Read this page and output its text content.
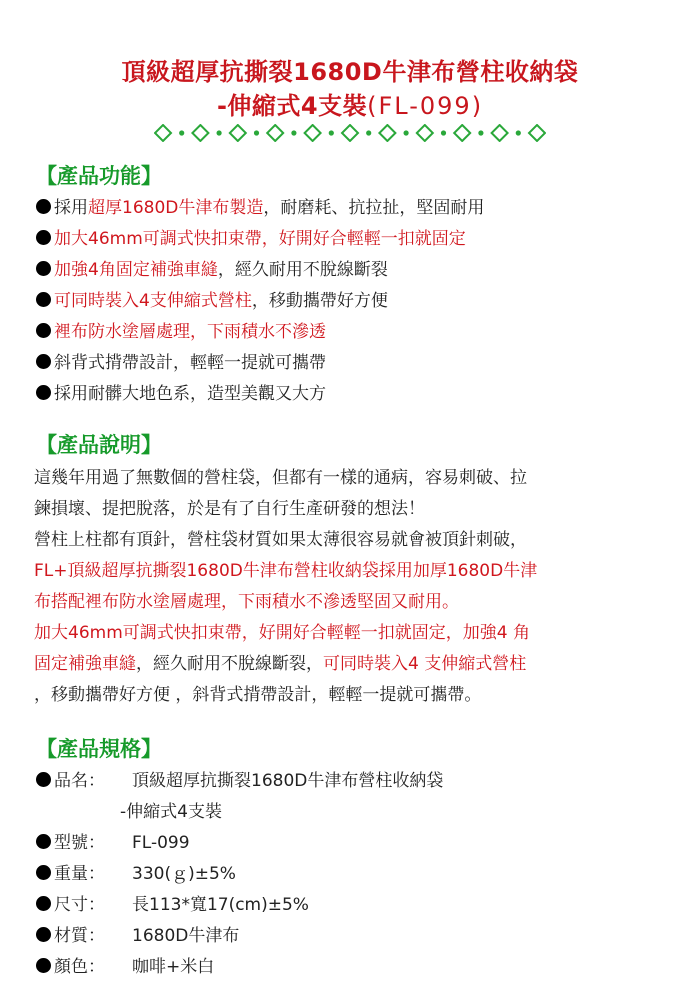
頂級超厚抗撕裂1680D牛津布營柱收納袋
-伸縮式4支裝(FL-099)
【產品功能】
採用超厚1680D牛津布製造，耐磨耗、抗拉扯，堅固耐用
加大46mm可調式快扣束帶，好開好合輕輕一扣就固定
加強4角固定補強車縫，經久耐用不脫線斷裂
可同時裝入4支伸縮式營柱，移動攜帶好方便
裡布防水塗層處理，下雨積水不滲透
斜背式揹帶設計，輕輕一提就可攜帶
採用耐髒大地色系，造型美觀又大方
【產品說明】
這幾年用過了無數個的營柱袋，但都有一樣的通病，容易刺破、拉
鍊損壞、提把脫落，於是有了自行生產研發的想法！
營柱上柱都有頂針，營柱袋材質如果太薄很容易就會被頂針刺破，
FL+頂級超厚抗撕裂1680D牛津布營柱收納袋採用加厚1680D牛津
布搭配裡布防水塗層處理，下雨積水不滲透堅固又耐用。
加大46mm可調式快扣束帶，好開好合輕輕一扣就固定，加強4 角
固定補強車縫，經久耐用不脫線斷裂，可同時裝入4 支伸縮式營柱
，移動攜帶好方便 ，斜背式揹帶設計，輕輕一提就可攜帶。
【產品規格】
品名： 頂級超厚抗撕裂1680D牛津布營柱收納袋
-伸縮式4支裝
型號： FL-099
重量： 330(ｇ)±5%
尺寸： 長113*寬17(cm)±5%
材質： 1680D牛津布
顏色： 咖啡+米白
